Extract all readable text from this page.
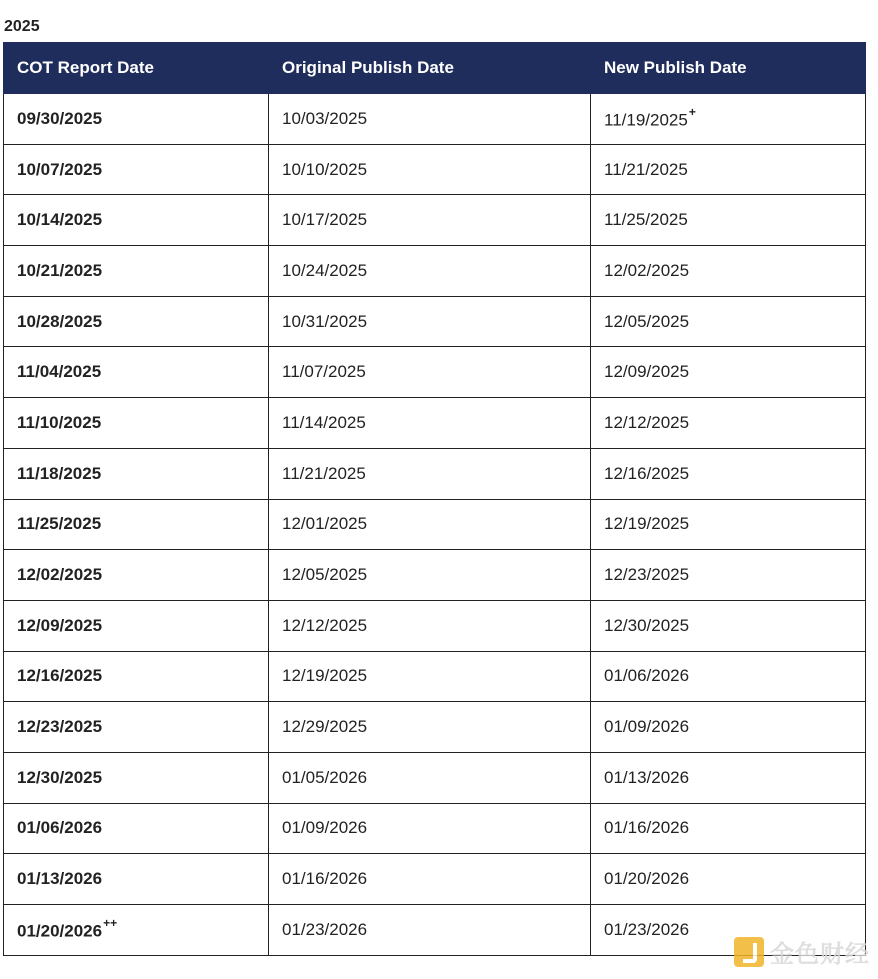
2025
COT Report Date	Original Publish Date	New Publish Date
09/30/2025	10/03/2025	11/19/2025+
10/07/2025	10/10/2025	11/21/2025
10/14/2025	10/17/2025	11/25/2025
10/21/2025	10/24/2025	12/02/2025
10/28/2025	10/31/2025	12/05/2025
11/04/2025	11/07/2025	12/09/2025
11/10/2025	11/14/2025	12/12/2025
11/18/2025	11/21/2025	12/16/2025
11/25/2025	12/01/2025	12/19/2025
12/02/2025	12/05/2025	12/23/2025
12/09/2025	12/12/2025	12/30/2025
12/16/2025	12/19/2025	01/06/2026
12/23/2025	12/29/2025	01/09/2026
12/30/2025	01/05/2026	01/13/2026
01/06/2026	01/09/2026	01/16/2026
01/13/2026	01/16/2026	01/20/2026
01/20/2026++	01/23/2026	01/23/2026
金色财经
